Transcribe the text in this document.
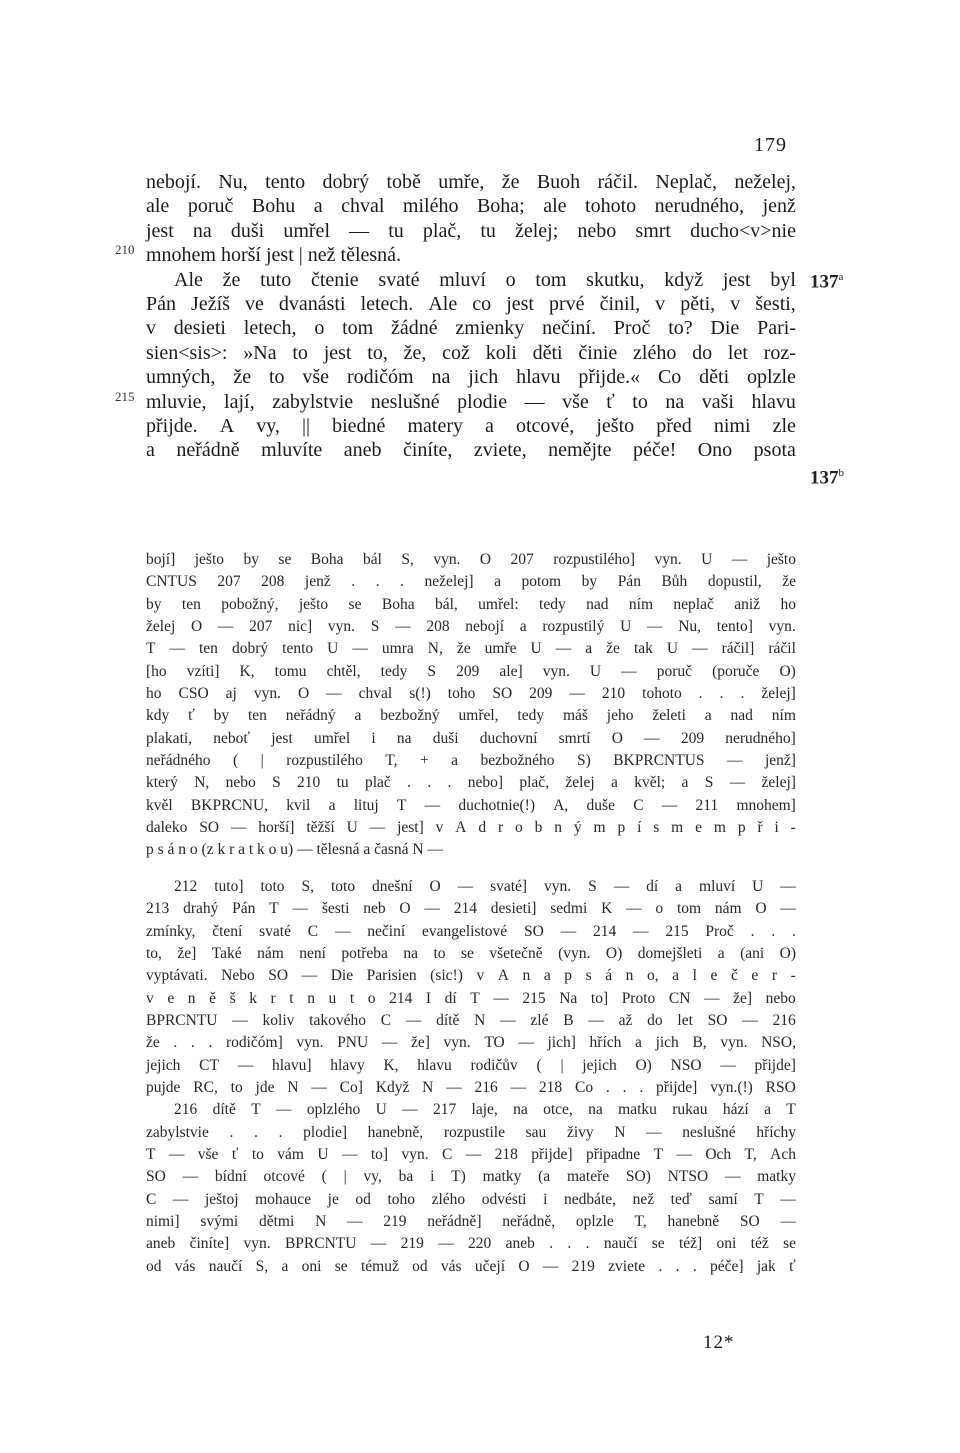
179
210
215
137$^a$
137$^b$
nebojí. Nu, tento dobrý tobě umře, že Buoh ráčil. Neplač, neželej,
ale poruč Bohu a chval milého Boha; ale tohoto nerudného, jenž
jest na duši umřel — tu plač, tu želej; nebo smrt ducho<v>nie
mnohem horší jest | než tělesná.
Ale že tuto čtenie svaté mluví o tom skutku, když jest byl
Pán Ježíš ve dvanásti letech. Ale co jest prvé činil, v pěti, v šesti,
v desieti letech, o tom žádné zmienky nečiní. Proč to? Die Pari-
sien<sis>: »Na to jest to, že, což koli děti činie zlého do let roz-
umných, že to vše rodičóm na jich hlavu přijde.« Co děti oplzle
mluvie, lají, zabylstvie neslušné plodie — vše ť to na vaši hlavu
přijde. A vy, || biedné matery a otcové, ješto před nimi zle
a neřádně mluvíte aneb činíte, zviete, nemějte péče! Ono psota
bojí] ješto by se Boha bál S, vyn. O 207 rozpustilého] vyn. U — ješto
CNTUS 207 208 jenž . . . neželej] a potom by Pán Bůh dopustil, že
by ten pobožný, ješto se Boha bál, umřel: tedy nad ním neplač aniž ho
želej O — 207 nic] vyn. S — 208 nebojí a rozpustilý U — Nu, tento] vyn.
T — ten dobrý tento U — umra N, že umře U — a že tak U — ráčil] ráčil
[ho vzíti] K, tomu chtěl, tedy S 209 ale] vyn. U — poruč (poruče O)
ho CSO aj vyn. O — chval s(!) toho SO 209 — 210 tohoto . . . želej]
kdy ť by ten neřádný a bezbožný umřel, tedy máš jeho želeti a nad ním
plakati, neboť jest umřel i na duši duchovní smrtí O — 209 nerudného]
neřádného ( | rozpustilého T, + a bezbožného S) BKPRCNTUS — jenž]
který N, nebo S 210 tu plač . . . nebo] plač, želej a kvěl; a S — želej]
kvěl BKPRCNU, kvil a lituj T — duchotnie(!) A, duše C — 211 mnohem]
daleko SO — horší] těžší U — jest] v A d r o b n ý m p í s m e m p ř i -
p s á n o (z k r a t k o u) — tělesná a časná N —
212 tuto] toto S, toto dnešní O — svaté] vyn. S — dí a mluví U —
213 drahý Pán T — šesti neb O — 214 desieti] sedmi K — o tom nám O —
zmínky, čtení svaté C — nečiní evangelistové SO — 214 — 215 Proč . . .
to, že] Také nám není potřeba na to se všetečně (vyn. O) domejšleti a (ani O)
vyptávati. Nebo SO — Die Parisien (sic!) v A n a p s á n o, a l e č e r -
v e n ě š k r t n u t o 214 I dí T — 215 Na to] Proto CN — že] nebo
BPRCNTU — koliv takového C — dítě N — zlé B — až do let SO — 216
že . . . rodičóm] vyn. PNU — že] vyn. TO — jich] hřích a jich B, vyn. NSO,
jejich CT — hlavu] hlavy K, hlavu rodičův ( | jejich O) NSO — přijde]
pujde RC, to jde N — Co] Když N — 216 — 218 Co . . . přijde] vyn.(!) RSO
216 dítě T — oplzlého U — 217 laje, na otce, na matku rukau hází a T
zabylstvie . . . plodie] hanebně, rozpustile sau živy N — neslušné hříchy
T — vše ť to vám U — to] vyn. C — 218 přijde] připadne T — Och T, Ach
SO — bídní otcové ( | vy, ba i T) matky (a mateře SO) NTSO — matky
C — ještoj mohauce je od toho zlého odvésti i nedbáte, než teď samí T —
nimi] svými dětmi N — 219 neřádně] neřádně, oplzle T, hanebně SO —
aneb činíte] vyn. BPRCNTU — 219 — 220 aneb . . . naučí se též] oni též se
od vás naučí S, a oni se témuž od vás učejí O — 219 zviete . . . péče] jak ť
12*
